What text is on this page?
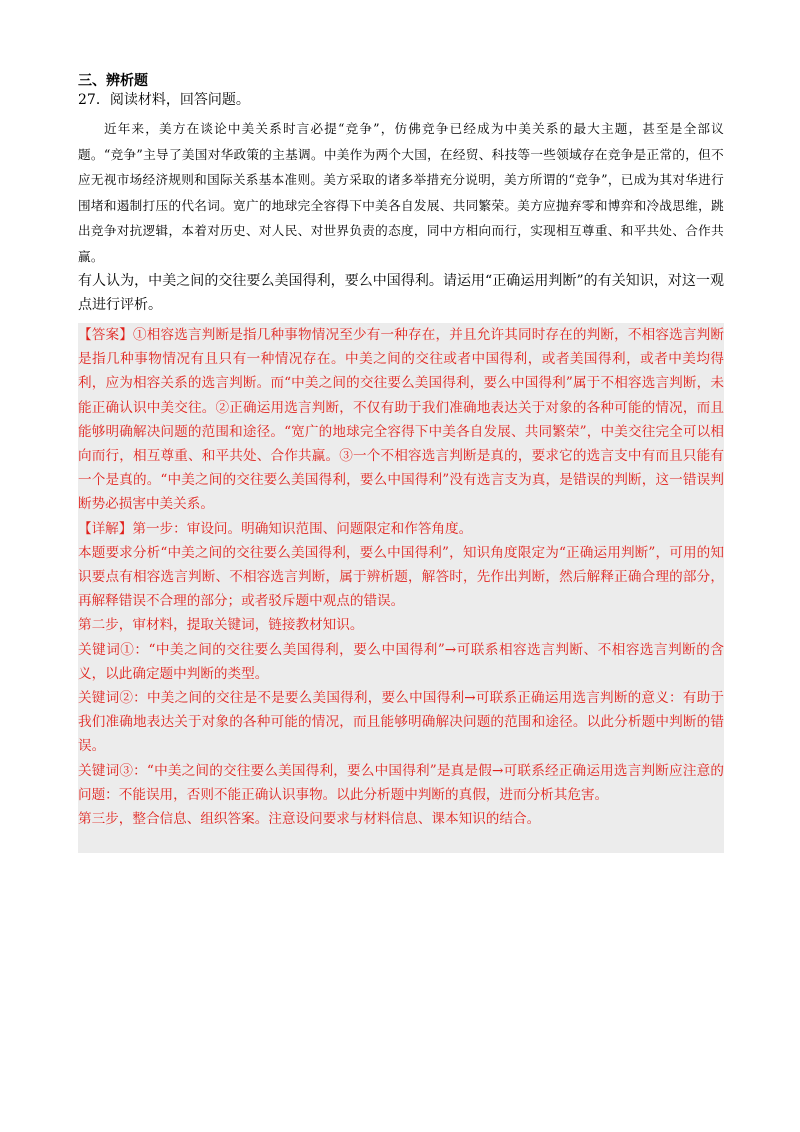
三、辨析题
27．阅读材料，回答问题。
近年来，美方在谈论中美关系时言必提“竞争”，仿佛竞争已经成为中美关系的最大主题，甚至是全部议题。“竞争”主导了美国对华政策的主基调。中美作为两个大国，在经贸、科技等一些领域存在竞争是正常的，但不应无视市场经济规则和国际关系基本准则。美方采取的诸多举措充分说明，美方所谓的“竞争”，已成为其对华进行围堵和遏制打压的代名词。宽广的地球完全容得下中美各自发展、共同繁荣。美方应抛弃零和博弈和冷战思维，跳出竞争对抗逻辑，本着对历史、对人民、对世界负责的态度，同中方相向而行，实现相互尊重、和平共处、合作共赢。
有人认为，中美之间的交往要么美国得利，要么中国得利。请运用“正确运用判断”的有关知识，对这一观点进行评析。

【答案】①相容选言判断是指几种事物情况至少有一种存在，并且允许其同时存在的判断，不相容选言判断是指几种事物情况有且只有一种情况存在。中美之间的交往或者中国得利，或者美国得利，或者中美均得利，应为相容关系的选言判断。而“中美之间的交往要么美国得利，要么中国得利”属于不相容选言判断，未能正确认识中美交往。②正确运用选言判断，不仅有助于我们准确地表达关于对象的各种可能的情况，而且能够明确解决问题的范围和途径。“宽广的地球完全容得下中美各自发展、共同繁荣”，中美交往完全可以相向而行，相互尊重、和平共处、合作共赢。③一个不相容选言判断是真的，要求它的选言支中有而且只能有一个是真的。“中美之间的交往要么美国得利，要么中国得利”没有选言支为真，是错误的判断，这一错误判断势必损害中美关系。

【详解】第一步：审设问。明确知识范围、问题限定和作答角度。

本题要求分析“中美之间的交往要么美国得利，要么中国得利”，知识角度限定为“正确运用判断”，可用的知识要点有相容选言判断、不相容选言判断，属于辨析题，解答时，先作出判断，然后解释正确合理的部分，再解释错误不合理的部分；或者驳斥题中观点的错误。

第二步，审材料，提取关键词，链接教材知识。

关键词①：“中美之间的交往要么美国得利，要么中国得利”→可联系相容选言判断、不相容选言判断的含义，以此确定题中判断的类型。

关键词②：中美之间的交往是不是要么美国得利，要么中国得利→可联系正确运用选言判断的意义：有助于我们准确地表达关于对象的各种可能的情况，而且能够明确解决问题的范围和途径。以此分析题中判断的错误。

关键词③：“中美之间的交往要么美国得利，要么中国得利”是真是假→可联系经正确运用选言判断应注意的问题：不能误用，否则不能正确认识事物。以此分析题中判断的真假，进而分析其危害。

第三步，整合信息、组织答案。注意设问要求与材料信息、课本知识的结合。
